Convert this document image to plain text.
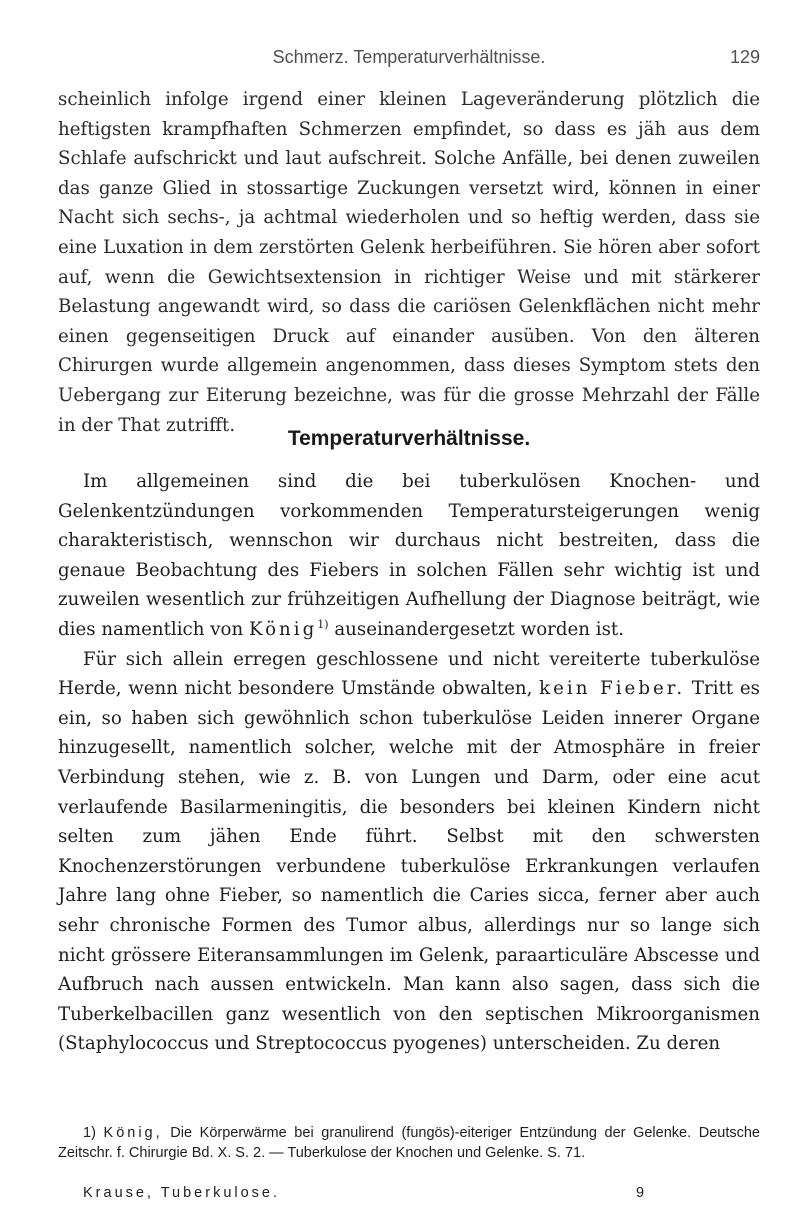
Schmerz. Temperaturverhältnisse.	129

scheinlich infolge irgend einer kleinen Lageveränderung plötzlich die heftigsten krampfhaften Schmerzen empfindet, so dass es jäh aus dem Schlafe aufschrickt und laut aufschreit. Solche Anfälle, bei denen zuweilen das ganze Glied in stossartige Zuckungen versetzt wird, können in einer Nacht sich sechs-, ja achtmal wiederholen und so heftig werden, dass sie eine Luxation in dem zerstörten Gelenk herbeiführen. Sie hören aber sofort auf, wenn die Gewichtsextension in richtiger Weise und mit stärkerer Belastung angewandt wird, so dass die cariösen Gelenkflächen nicht mehr einen gegenseitigen Druck auf einander ausüben. Von den älteren Chirurgen wurde allgemein angenommen, dass dieses Symptom stets den Uebergang zur Eiterung bezeichne, was für die grosse Mehrzahl der Fälle in der That zutrifft.

Temperaturverhältnisse.

Im allgemeinen sind die bei tuberkulösen Knochen- und Gelenkentzündungen vorkommenden Temperatursteigerungen wenig charakteristisch, wennschon wir durchaus nicht bestreiten, dass die genaue Beobachtung des Fiebers in solchen Fällen sehr wichtig ist und zuweilen wesentlich zur frühzeitigen Aufhellung der Diagnose beiträgt, wie dies namentlich von König$^{1)}$ auseinandergesetzt worden ist.

Für sich allein erregen geschlossene und nicht vereiterte tuberkulöse Herde, wenn nicht besondere Umstände obwalten, kein Fieber. Tritt es ein, so haben sich gewöhnlich schon tuberkulöse Leiden innerer Organe hinzugesellt, namentlich solcher, welche mit der Atmosphäre in freier Verbindung stehen, wie z. B. von Lungen und Darm, oder eine acut verlaufende Basilarmeningitis, die besonders bei kleinen Kindern nicht selten zum jähen Ende führt. Selbst mit den schwersten Knochenzerstörungen verbundene tuberkulöse Erkrankungen verlaufen Jahre lang ohne Fieber, so namentlich die Caries sicca, ferner aber auch sehr chronische Formen des Tumor albus, allerdings nur so lange sich nicht grössere Eiteransammlungen im Gelenk, paraarticuläre Abscesse und Aufbruch nach aussen entwickeln. Man kann also sagen, dass sich die Tuberkelbacillen ganz wesentlich von den septischen Mikroorganismen (Staphylococcus und Streptococcus pyogenes) unterscheiden. Zu deren

1) König, Die Körperwärme bei granulirend (fungös)-eiteriger Entzündung der Gelenke. Deutsche Zeitschr. f. Chirurgie Bd. X. S. 2. — Tuberkulose der Knochen und Gelenke. S. 71.

Krause, Tuberkulose.	9
